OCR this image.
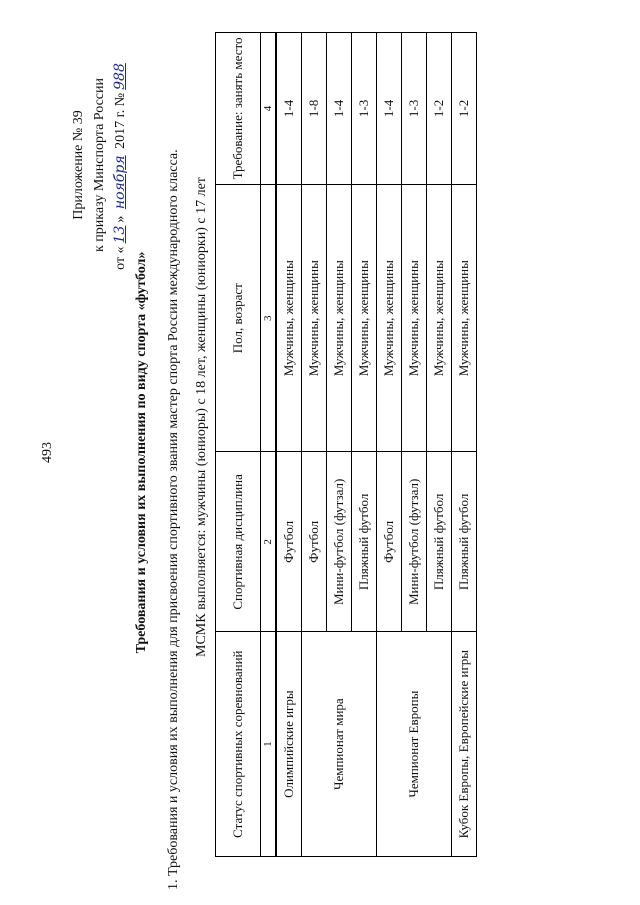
493
Приложение № 39 к приказу Минспорта России
от «13» ноября 2017 г. №988
Требования и условия их выполнения по виду спорта «футбол» 1. Требования и условия их выполнения для присвоения спортивного звания мастер спорта России международного класса. МСМК выполняется: мужчины (юниоры) с 18 лет, женщины (юниорки) с 17 лет
Статус спортивных соревнований	Спортивная дисциплина	Пол, возраст	Требование: занять место
1	2	3	4
Олимпийские игры	Футбол	Мужчины, женщины	1-4
Чемпионат мира	Футбол	Мужчины, женщины	1-8
	Мини-футбол (футзал)	Мужчины, женщины	1-4
	Пляжный футбол	Мужчины, женщины	1-3
Чемпионат Европы	Футбол	Мужчины, женщины	1-4
	Мини-футбол (футзал)	Мужчины, женщины	1-3
	Пляжный футбол	Мужчины, женщины	1-2
Кубок Европы, Европейские игры	Пляжный футбол	Мужчины, женщины	1-2
